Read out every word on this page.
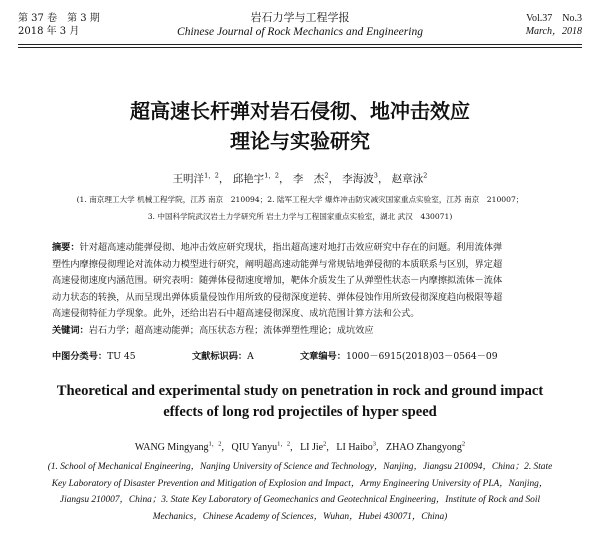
第 37 卷　第 3 期
2018 年 3 月
岩石力学与工程学报
Chinese Journal of Rock Mechanics and Engineering
Vol.37　No.3
March，2018
超高速长杆弹对岩石侵彻、地冲击效应
理论与实验研究
王明洋$^{1,2}$， 邱艳宇$^{1,2}$， 李　杰$^2$， 李海波$^3$， 赵章泳$^2$
(1. 南京理工大学 机械工程学院，江苏 南京　210094；2. 陆军工程大学 爆炸冲击防灾减灾国家重点实验室，江苏 南京　210007；
3. 中国科学院武汉岩土力学研究所 岩土力学与工程国家重点实验室，湖北 武汉　430071)
摘要：针对超高速动能弹侵彻、地冲击效应研究现状，指出超高速对地打击效应研究中存在的问题。利用流体弹
塑性内摩擦侵彻理论对流体动力模型进行研究，阐明超高速动能弹与常规钻地弹侵彻的本质联系与区别，界定超
高速侵彻速度内涵范围。研究表明：随弹体侵彻速度增加，靶体介质发生了从弹塑性状态－内摩擦拟流体－流体
动力状态的转换，从而呈现出弹体质量侵蚀作用所致的侵彻深度逆转、弹体侵蚀作用所致侵彻深度趋向极限等超
高速侵彻特征力学现象。此外，还给出岩石中超高速侵彻深度、成坑范围计算方法和公式。
关键词：岩石力学；超高速动能弹；高压状态方程；流体弹塑性理论；成坑效应
中图分类号：TU 45	文献标识码：A	文章编号：1000－6915(2018)03－0564－09
Theoretical and experimental study on penetration in rock and ground impact
effects of long rod projectiles of hyper speed
WANG Mingyang$^{1,2}$,   QIU Yanyu$^{1,2}$,   LI Jie$^2$,   LI Haibo$^3$,   ZHAO Zhangyong$^2$
(1. School of Mechanical Engineering，Nanjing University of Science and Technology，Nanjing，Jiangsu 210094，China；2. State
Key Laboratory of Disaster Prevention and Mitigation of Explosion and Impact，Army Engineering University of PLA，Nanjing，
Jiangsu 210007，China；3. State Key Laboratory of Geomechanics and Geotechnical Engineering，Institute of Rock and Soil
Mechanics，Chinese Academy of Sciences，Wuhan，Hubei 430071，China)
